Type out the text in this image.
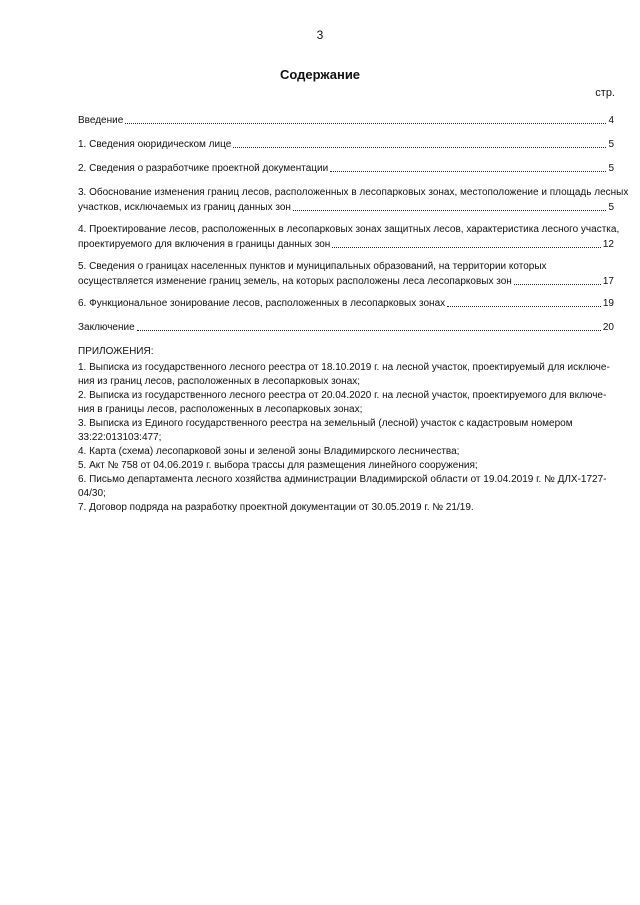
3
Содержание
стр.
Введение	4
1. Сведения оюридическом лице	5
2. Сведения о разработчике проектной документации	5
3. Обоснование изменения границ лесов, расположенных в лесопарковых зонах, местоположение и площадь лесных
участков, исключаемых из границ данных зон	5
4. Проектирование лесов, расположенных в лесопарковых зонах защитных лесов, характеристика лесного участка,
проектируемого для включения в границы данных зон	12
5. Сведения о границах населенных пунктов и муниципальных образований, на территории которых
осуществляется изменение границ земель, на которых расположены леса лесопарковых зон	17
6. Функциональное зонирование лесов, расположенных в лесопарковых зонах	19
Заключение	20
ПРИЛОЖЕНИЯ:
1. Выписка из государственного лесного реестра от 18.10.2019 г. на лесной участок, проектируемый для исключе-
ния из границ лесов, расположенных в лесопарковых зонах;
2. Выписка из государственного лесного реестра от 20.04.2020 г. на лесной участок, проектируемого для включе-
ния в границы лесов, расположенных в лесопарковых зонах;
3. Выписка из Единого государственного реестра на земельный (лесной) участок с кадастровым номером
33:22:013103:477;
4. Карта (схема) лесопарковой зоны и зеленой зоны Владимирского лесничества;
5. Акт № 758 от 04.06.2019 г. выбора трассы для размещения линейного сооружения;
6. Письмо департамента лесного хозяйства администрации Владимирской области от 19.04.2019 г. № ДЛХ-1727-
04/30;
7. Договор подряда на разработку проектной документации от 30.05.2019 г. № 21/19.
